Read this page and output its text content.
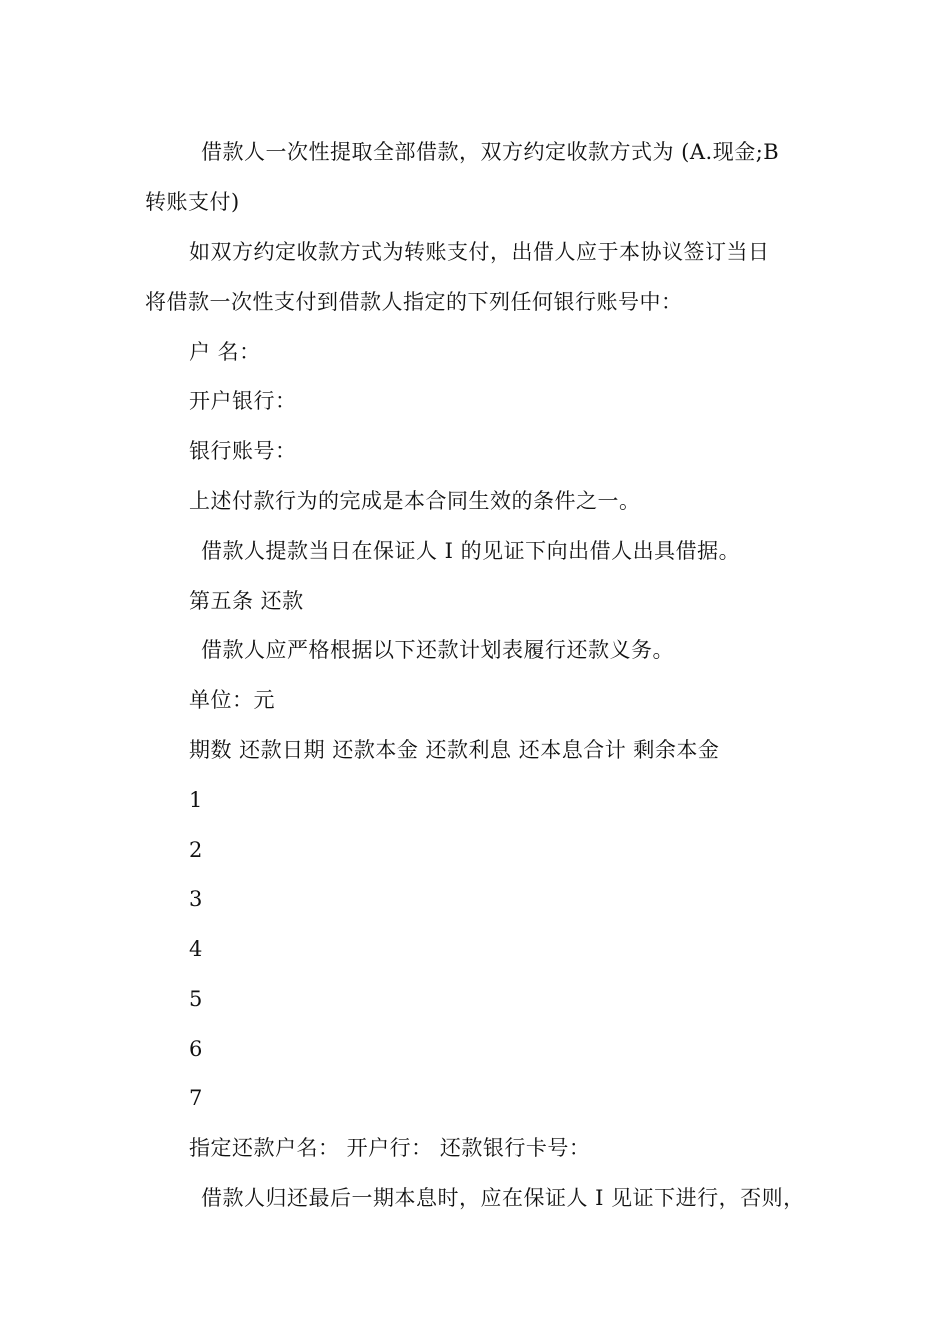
借款人一次性提取全部借款，双方约定收款方式为 (A.现金;B
转账支付)
如双方约定收款方式为转账支付，出借人应于本协议签订当日
将借款一次性支付到借款人指定的下列任何银行账号中：
户 名：
开户银行：
银行账号：
上述付款行为的完成是本合同生效的条件之一。
借款人提款当日在保证人 I 的见证下向出借人出具借据。
第五条 还款
借款人应严格根据以下还款计划表履行还款义务。
单位：元
期数 还款日期 还款本金 还款利息 还本息合计 剩余本金
1
2
3
4
5
6
7
指定还款户名： 开户行： 还款银行卡号：
借款人归还最后一期本息时，应在保证人 I 见证下进行，否则，
